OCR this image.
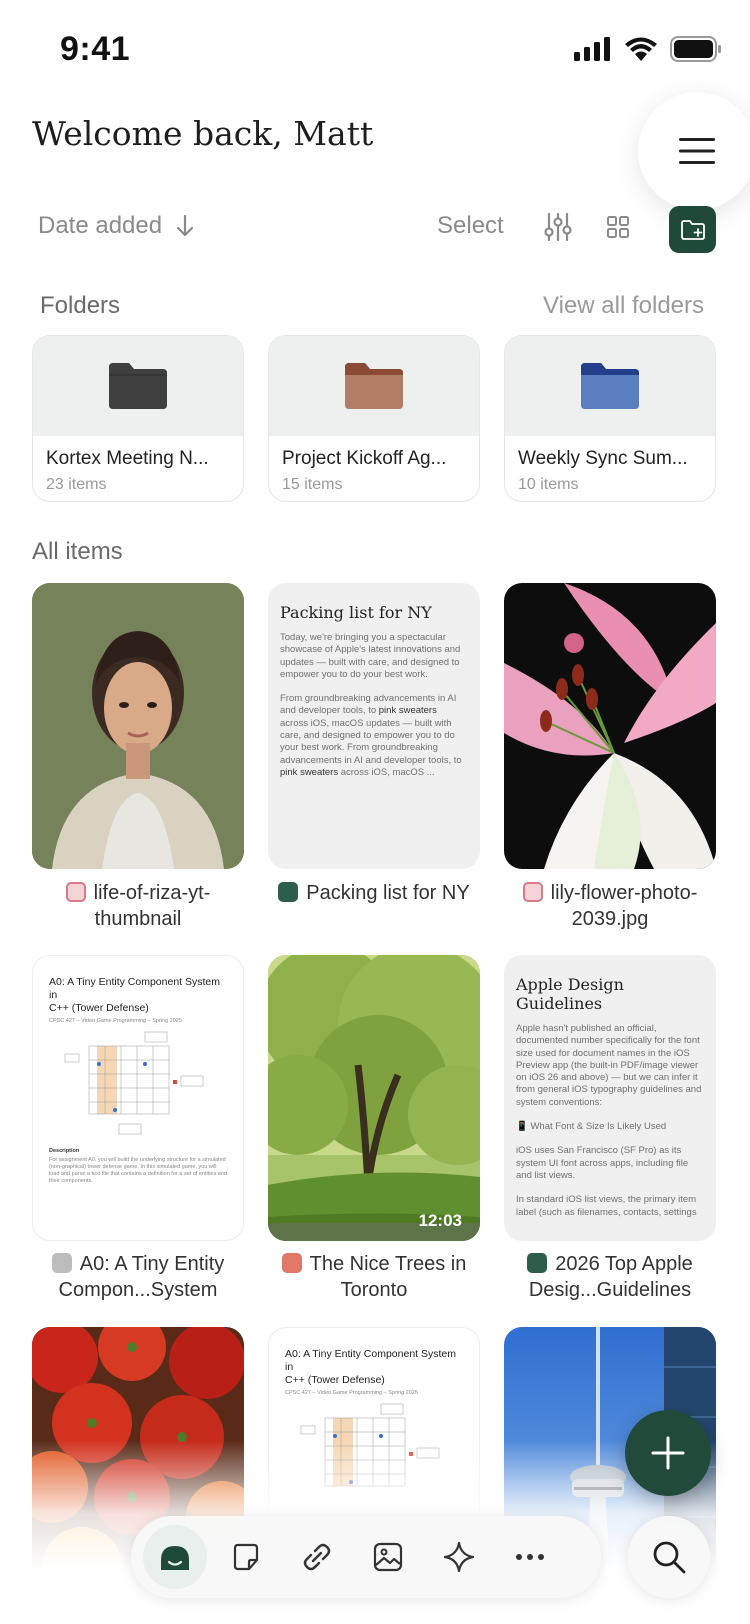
9:41
Welcome back, Matt
Date added	Select
Folders	View all folders
Kortex Meeting N...
23 items
Project Kickoff Ag...
15 items
Weekly Sync Sum...
10 items
All items
Packing list for NY

Today, we're bringing you a spectacular showcase of Apple's latest innovations and updates — built with care, and designed to empower you to do your best work.

From groundbreaking advancements in AI and developer tools, to pink sweaters across iOS, macOS updates — built with care, and designed to empower you to do your best work. From groundbreaking advancements in AI and developer tools, to pink sweaters across iOS, macOS ...

life-of-riza-yt-
thumbnail
Packing list for NY	lily-flower-photo-
2039.jpg
A0: A Tiny Entity Component System in
C++ (Tower Defense)
CPSC 427 – Video Game Programming – Spring 2025
Description
For assignment A0, you will build the underlying structure for a simulated (non-graphical) tower defense game. In this simulated game, you will load and parse a text file that contains a definition for a set of entities and their components.
12:03
Apple Design Guidelines

Apple hasn't published an official, documented number specifically for the font size used for document names in the iOS Preview app (the built-in PDF/image viewer on iOS 26 and above) — but we can infer it from general iOS typography guidelines and system conventions:

📱 What Font & Size Is Likely Used

iOS uses San Francisco (SF Pro) as its system UI font across apps, including file and list views.

In standard iOS list views, the primary item label (such as filenames, contacts, settings

A0: A Tiny Entity
Compon...System
The Nice Trees in
Toronto
2026 Top Apple
Desig...Guidelines
A0: A Tiny Entity Component System in
C++ (Tower Defense)
CPSC 427 – Video Game Programming – Spring 2025
